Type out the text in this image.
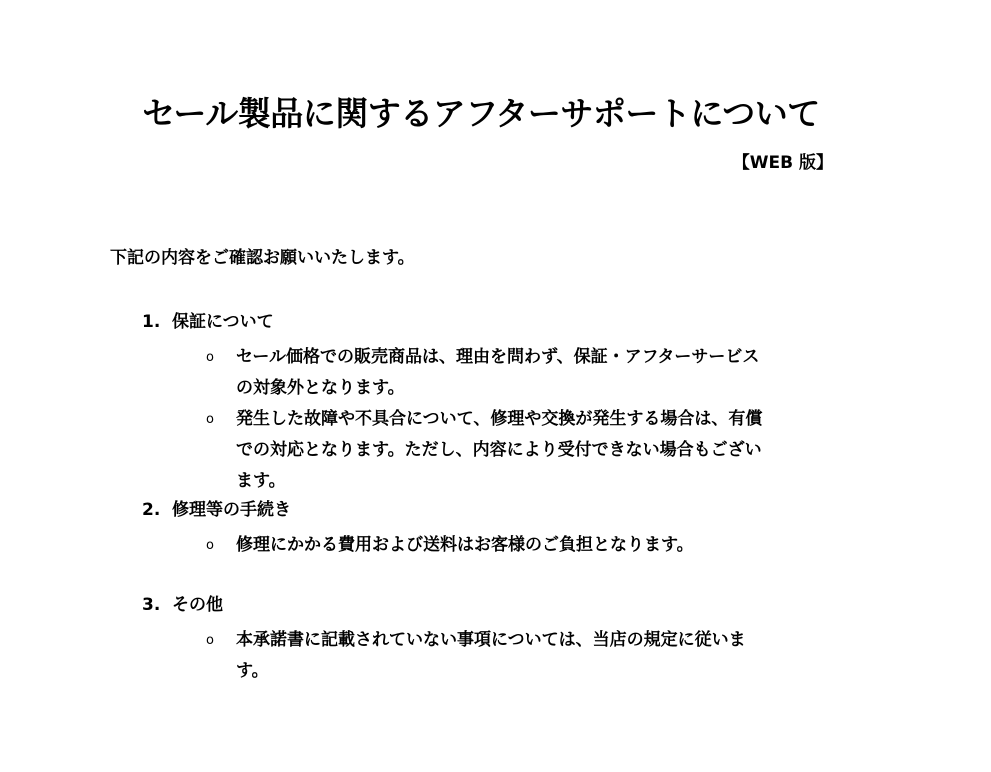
セール製品に関するアフターサポートについて
【WEB 版】
下記の内容をご確認お願いいたします。
1. 保証について
o セール価格での販売商品は、理由を問わず、保証・アフターサービスの対象外となります。
o 発生した故障や不具合について、修理や交換が発生する場合は、有償での対応となります。ただし、内容により受付できない場合もございます。
2. 修理等の手続き
o 修理にかかる費用および送料はお客様のご負担となります。
3. その他
o 本承諾書に記載されていない事項については、当店の規定に従います。
